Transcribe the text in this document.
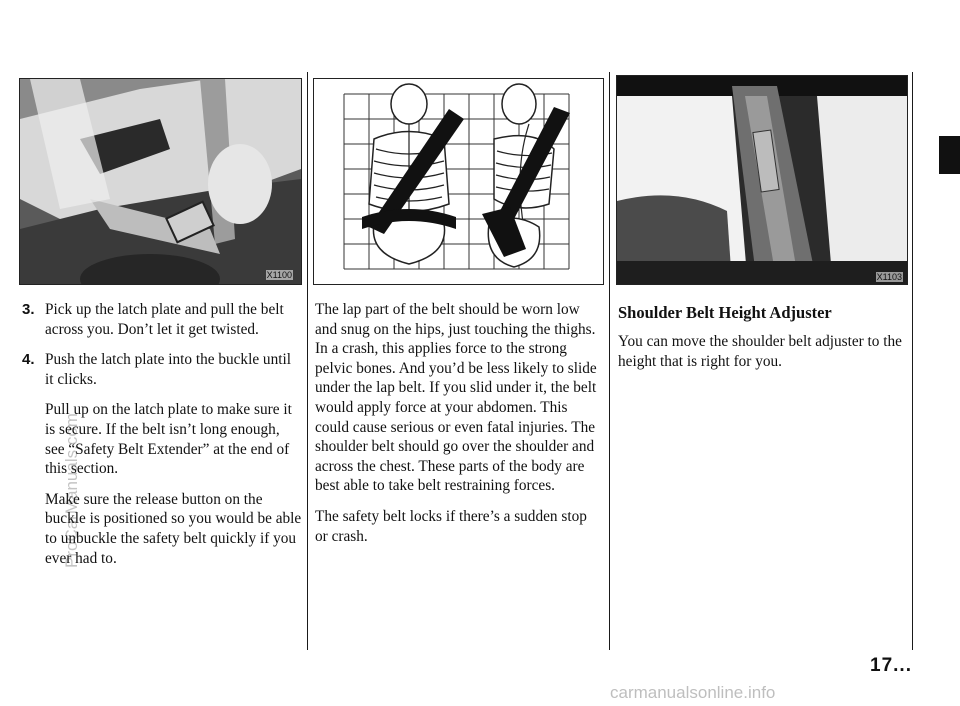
X1100	X1103
3. Pick up the latch plate and pull the belt across you. Don’t let it get twisted.
4. Push the latch plate into the buckle until it clicks.

Pull up on the latch plate to make sure it is secure. If the belt isn’t long enough, see “Safety Belt Extender” at the end of this section.

Make sure the release button on the buckle is positioned so you would be able to unbuckle the safety belt quickly if you ever had to.

The lap part of the belt should be worn low and snug on the hips, just touching the thighs. In a crash, this applies force to the strong pelvic bones. And you’d be less likely to slide under the lap belt. If you slid under it, the belt would apply force at your abdomen. This could cause serious or even fatal injuries. The shoulder belt should go over the shoulder and across the chest. These parts of the body are best able to take belt restraining forces.

The safety belt locks if there’s a sudden stop or crash.

Shoulder Belt Height Adjuster

You can move the shoulder belt adjuster to the height that is right for you.

17...
ProCarManuals.com
carmanualsonline.info
